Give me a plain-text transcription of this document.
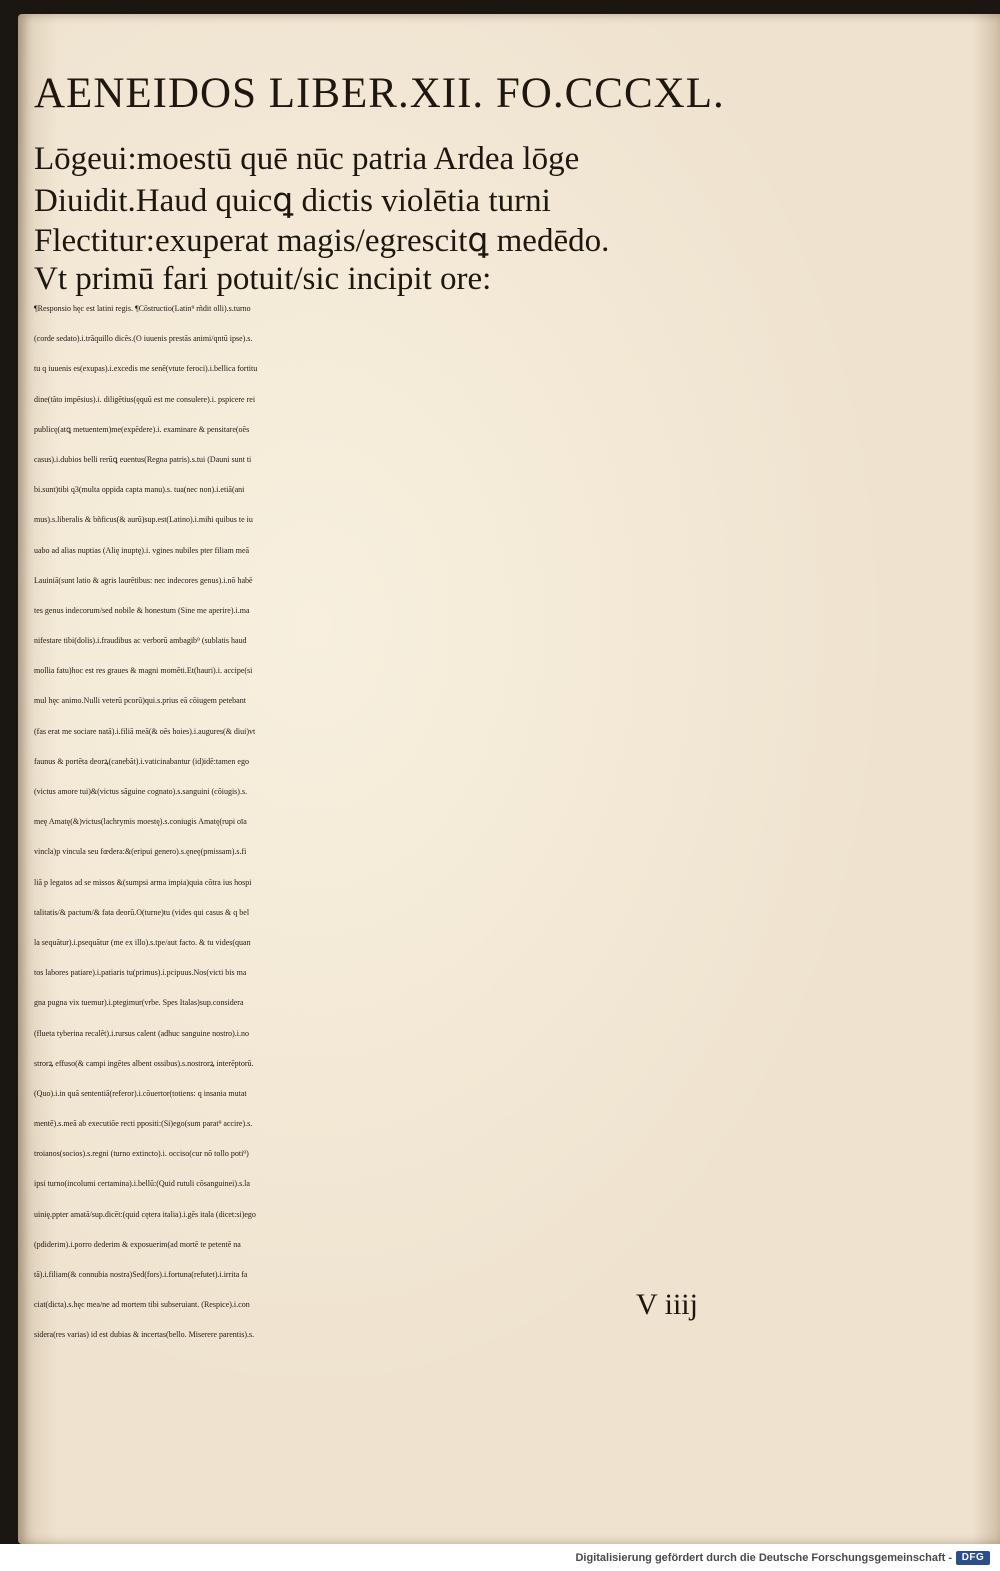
AENEIDOS LIBER.XII. FO.CCCXL.
Lōgeui:moestū quē nūc patria Ardea lōge
Diuidit.Haud quicꝗ dictis violētia turni
Flectitur:exuperat magis/egrescitꝗ medēdo.
Vt primū fari potuit/sic incipit ore:
¶Responsio hęc est latini regis. ¶Cōstructio(Latin⁹ rñdit olli).s.turno
(corde sedato).i.trāquillo dicēs.(O iuuenis prestās animi/qntū ipse).s.
tu q iuuenis es(exupas).i.excedis me senē(vtute feroci).i.bellica fortitu
dine(tāto impēsius).i. diligētius(ęquū est me consulere).i. pspicere rei
publicę(atꝗ metuentem)me(expēdere).i. examinare & pensitare(oēs
casus).i.dubios belli rerūꝗ euentus(Regna patris).s.tui (Dauni sunt ti
bi.sunt)tibi q3(multa oppida capta manu).s. tua(nec non).i.etiā(ani
mus).s.liberalis & bñficus(& aurū)sup.est(Latino).i.mihi quibus te iu
uabo ad alias nuptias (Alię inuptę).i. vgines nubiles pter filiam meā
Lauiniā(sunt latio & agris laurētibus: nec indecores genus).i.nō habē
tes genus indecorum/sed nobile & honestum (Sine me aperire).i.ma
nifestare tibi(dolis).i.fraudibus ac verborū ambagib⁹ (sublatis haud
mollia fatu)hoc est res graues & magni momēti.Et(hauri).i. accipe(si
mul hęc animo.Nulli veterū pcorū)qui.s.prius eā cōiugem petebant
(fas erat me sociare natā).i.filiā meā(& oēs hoies).i.augures(& diui)vt
faunus & portēta deorꝝ(canebāt).i.vaticinabantur (id)idē:tamen ego
(victus amore tui)&(victus sāguine cognato).s.sanguini (cōiugis).s.
meę Amatę(&)victus(lachrymis moestę).s.coniugis Amatę(rupi oīa
vincla)p vincula seu fœdera:&(eripui genero).s.ęneę(pmissam).s.fi
liā p legatos ad se missos &(sumpsi arma impia)quia cōtra ius hospi
talitatis/& pactum/& fata deorū.O(turne)tu (vides qui casus & q bel
la sequātur).i.psequātur (me ex illo).s.tpe/aut facto. & tu vides(quan
tos labores patiare).i.patiaris tu(primus).i.pcipuus.Nos(victi bis ma
gna pugna vix tuemur).i.ptegimur(vrbe. Spes Italas)sup.considera
(flueta tyberina recalēt).i.rursus calent (adhuc sanguine nostro).i.no
strorꝝ effuso(& campi ingētes albent ossibus).s.nostrorꝝ interēptorū.
(Quo).i.in quā sententiā(referor).i.cōuertor(totiens: q insania mutat
mentē).s.meā ab executiōe recti ppositi:(Si)ego(sum parat⁹ accire).s.
troianos(socios).s.regni (turno extincto).i. occiso(cur nō tollo poti⁹)
ipsi turno(incolumi certamina).i.bellū:(Quid rutuli cōsanguinei).s.la
uinię.ppter amatā/sup.dicēt:(quid cętera italia).i.gēs itala (dicet:si)ego
(pdiderim).i.porro dederim & exposuerim(ad mortē te petentē na
tā).i.filiam(& connubia nostra)Sed(fors).i.fortuna(refutet).i.irrita fa
ciat(dicta).s.hęc mea/ne ad mortem tibi subseruiant. (Respice).i.con
sidera(res varias) id est dubias & incertas(bello. Miserere parentis).s.
V iiij
Digitalisierung gefördert durch die Deutsche Forschungsgemeinschaft - DFG
